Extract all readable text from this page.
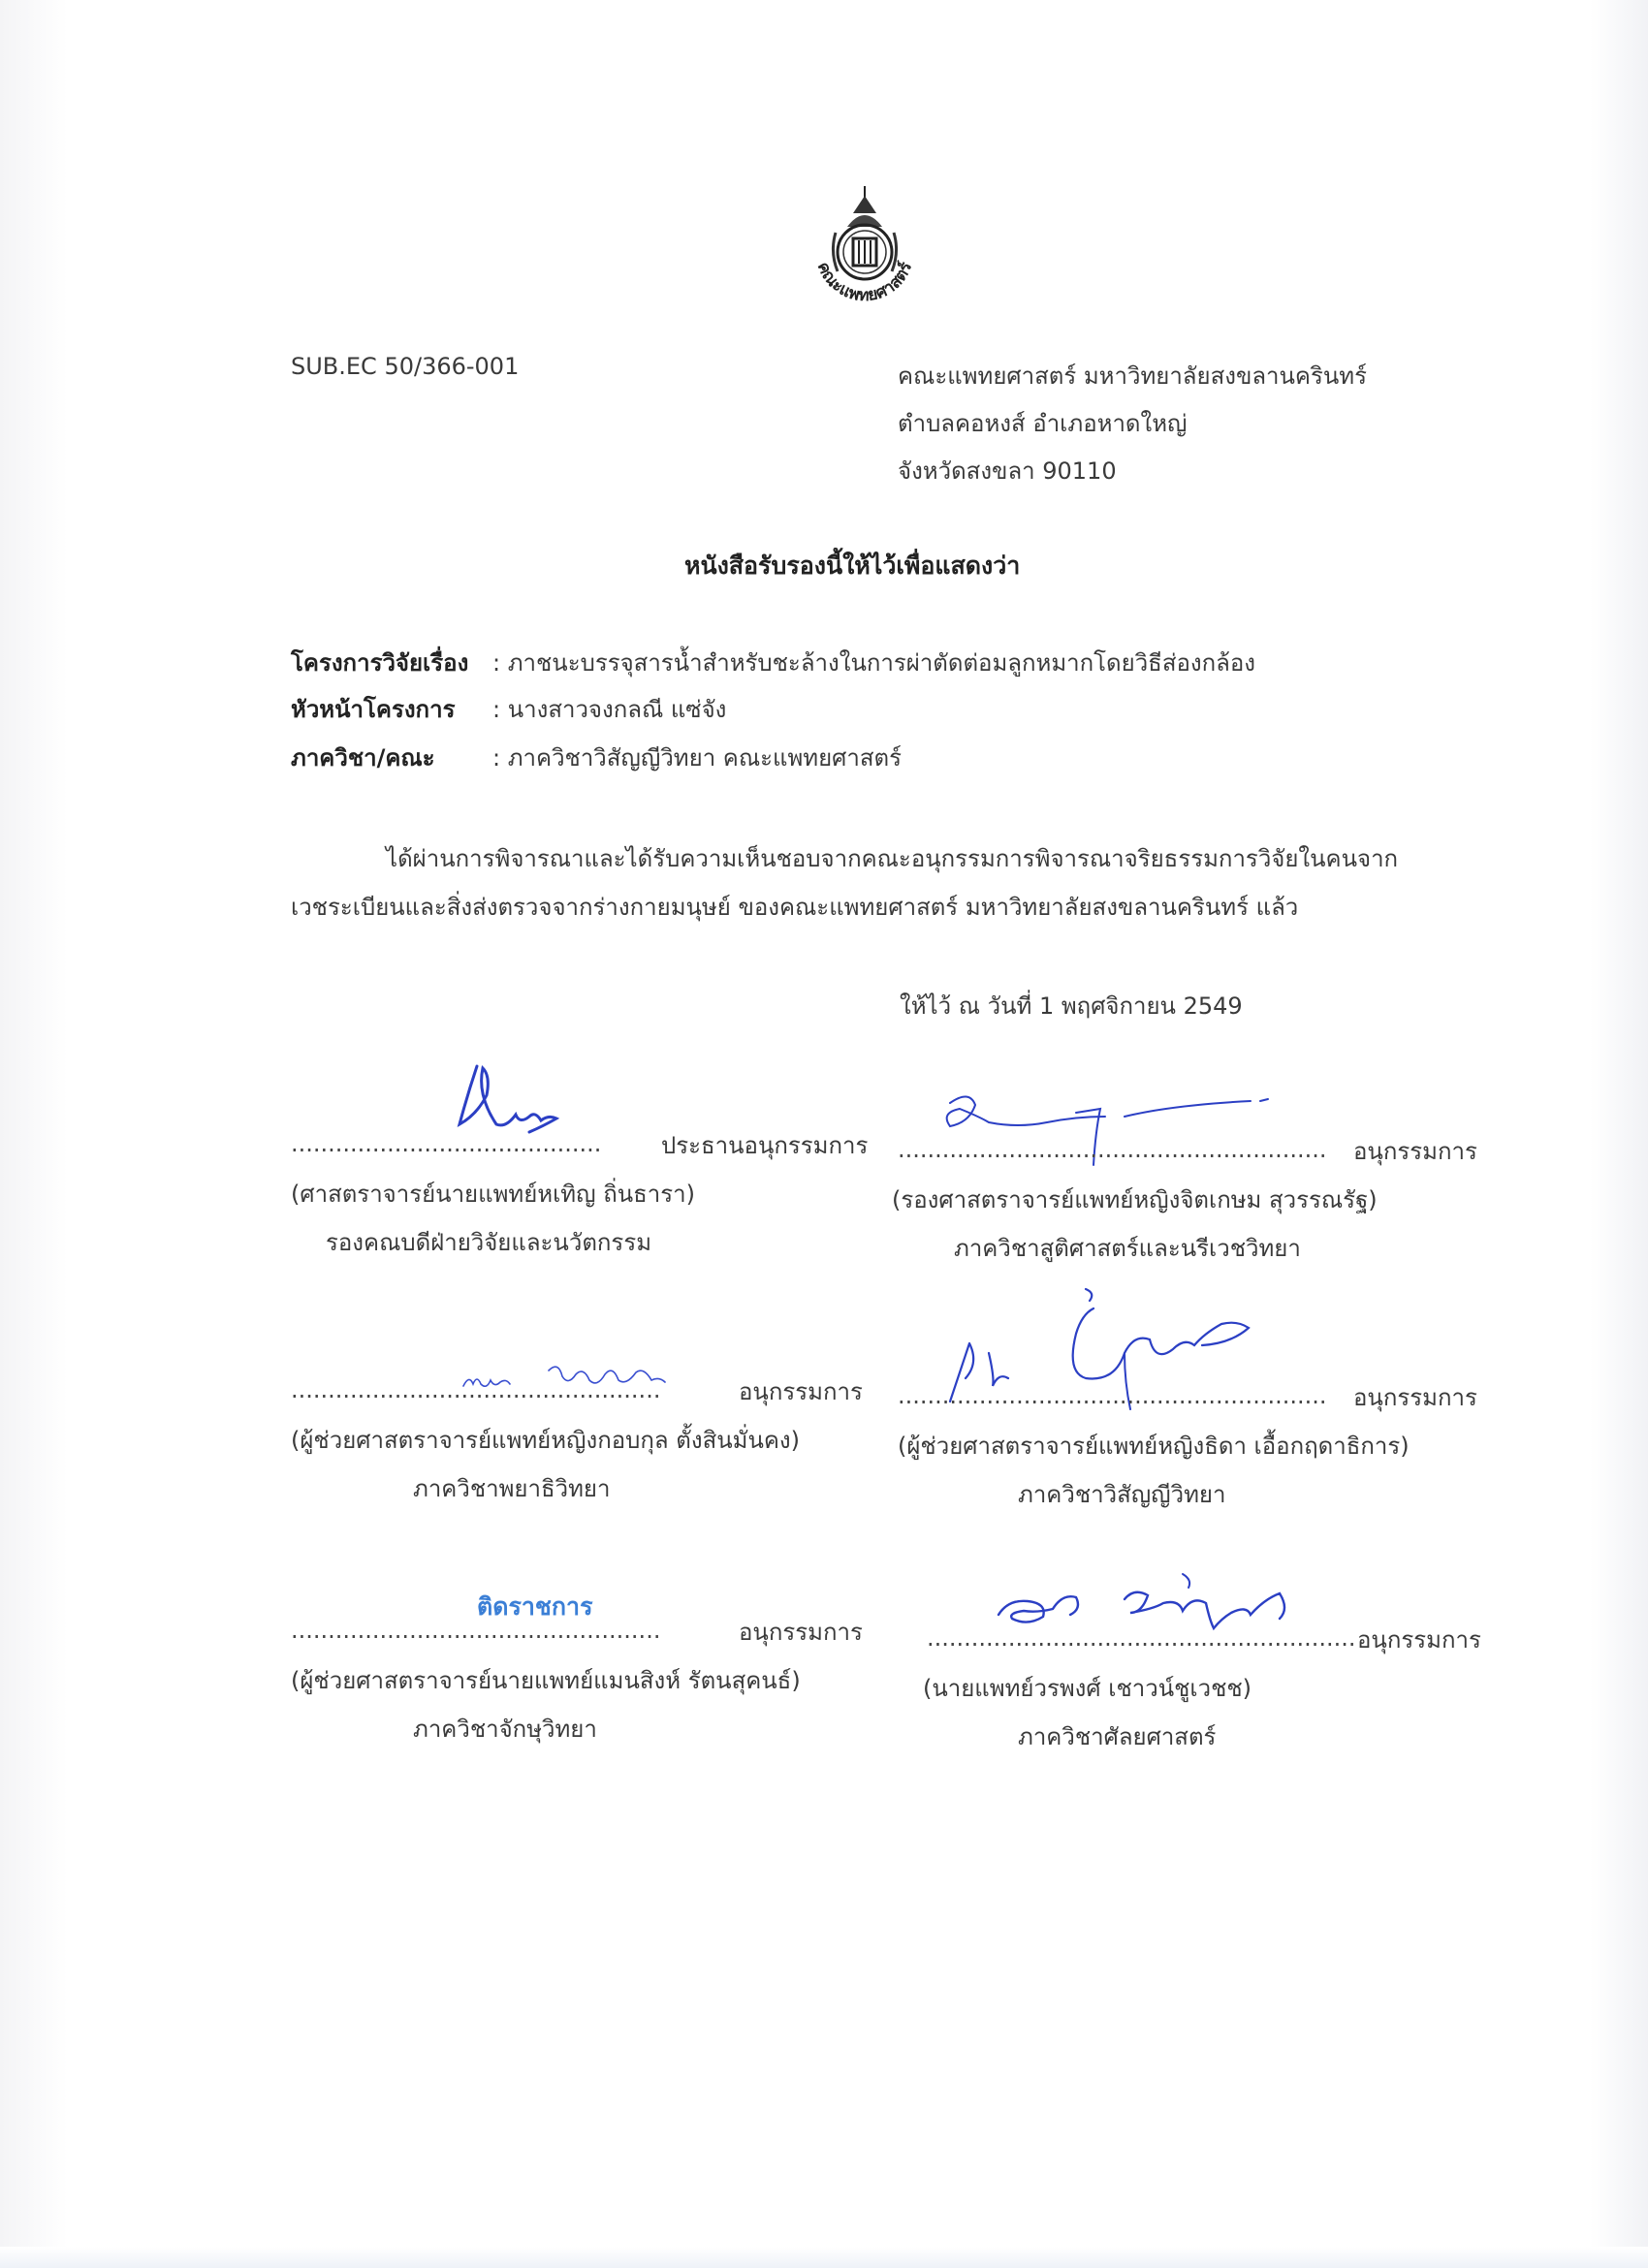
คณะแพทยศาสตร์
SUB.EC 50/366-001	คณะแพทยศาสตร์ มหาวิทยาลัยสงขลานครินทร์
ตำบลคอหงส์ อำเภอหาดใหญ่
จังหวัดสงขลา 90110
หนังสือรับรองนี้ให้ไว้เพื่อแสดงว่า
โครงการวิจัยเรื่อง : ภาชนะบรรจุสารน้ำสำหรับชะล้างในการผ่าตัดต่อมลูกหมากโดยวิธีส่องกล้อง
หัวหน้าโครงการ : นางสาวจงกลณี แซ่จัง
ภาควิชา/คณะ : ภาควิชาวิสัญญีวิทยา คณะแพทยศาสตร์
ได้ผ่านการพิจารณาและได้รับความเห็นชอบจากคณะอนุกรรมการพิจารณาจริยธรรมการวิจัยในคนจาก
เวชระเบียนและสิ่งส่งตรวจจากร่างกายมนุษย์ ของคณะแพทยศาสตร์ มหาวิทยาลัยสงขลานครินทร์ แล้ว
ให้ไว้ ณ วันที่ 1 พฤศจิกายน 2549
..........................................	ประธานอนุกรรมการ
(ศาสตราจารย์นายแพทย์หเทิญ ถิ่นธารา)
รองคณบดีฝ่ายวิจัยและนวัตกรรม
.......................................................... อนุกรรมการ
(รองศาสตราจารย์แพทย์หญิงจิตเกษม สุวรรณรัฐ)
ภาควิชาสูติศาสตร์และนรีเวชวิทยา
..................................................	อนุกรรมการ
(ผู้ช่วยศาสตราจารย์แพทย์หญิงกอบกุล ตั้งสินมั่นคง)
ภาควิชาพยาธิวิทยา
.......................................................... อนุกรรมการ
(ผู้ช่วยศาสตราจารย์แพทย์หญิงธิดา เอื้อกฤดาธิการ)
ภาควิชาวิสัญญีวิทยา
ติดราชการ
..................................................	อนุกรรมการ
(ผู้ช่วยศาสตราจารย์นายแพทย์แมนสิงห์ รัตนสุคนธ์)
ภาควิชาจักษุวิทยา
.......................................................... อนุกรรมการ
(นายแพทย์วรพงศ์ เชาวน์ชูเวชช)
ภาควิชาศัลยศาสตร์
